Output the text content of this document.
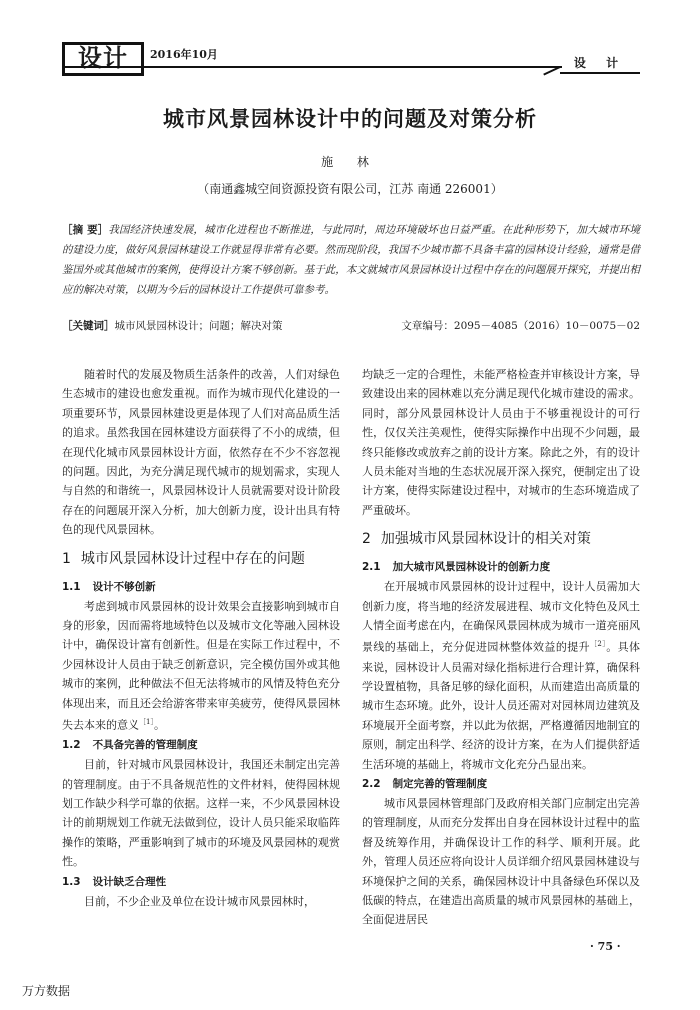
设计	2016年10月
设 计
城市风景园林设计中的问题及对策分析
施 林
（南通鑫城空间资源投资有限公司，江苏 南通 226001）
［摘 要］我国经济快速发展，城市化进程也不断推进，与此同时，周边环境破坏也日益严重。在此种形势下，加大城市环境的建设力度，做好风景园林建设工作就显得非常有必要。然而现阶段，我国不少城市都不具备丰富的园林设计经验，通常是借鉴国外或其他城市的案例，使得设计方案不够创新。基于此，本文就城市风景园林设计过程中存在的问题展开探究，并提出相应的解决对策，以期为今后的园林设计工作提供可靠参考。
［关键词］城市风景园林设计；问题；解决对策	文章编号：2095－4085（2016）10－0075－02

随着时代的发展及物质生活条件的改善，人们对绿色生态城市的建设也愈发重视。而作为城市现代化建设的一项重要环节，风景园林建设更是体现了人们对高品质生活的追求。虽然我国在园林建设方面获得了不小的成绩，但在现代化城市风景园林设计方面，依然存在不少不容忽视的问题。因此，为充分满足现代城市的规划需求，实现人与自然的和谐统一，风景园林设计人员就需要对设计阶段存在的问题展开深入分析，加大创新力度，设计出具有特色的现代风景园林。

1 城市风景园林设计过程中存在的问题
1.1 设计不够创新

考虑到城市风景园林的设计效果会直接影响到城市自身的形象，因而需将地域特色以及城市文化等融入园林设计中，确保设计富有创新性。但是在实际工作过程中，不少园林设计人员由于缺乏创新意识，完全模仿国外或其他城市的案例，此种做法不但无法将城市的风情及特色充分体现出来，而且还会给游客带来审美疲劳，使得风景园林失去本来的意义$^{[1]}$。

1.2 不具备完善的管理制度

目前，针对城市风景园林设计，我国还未制定出完善的管理制度。由于不具备规范性的文件材料，使得园林规划工作缺少科学可靠的依据。这样一来，不少风景园林设计的前期规划工作就无法做到位，设计人员只能采取临阵操作的策略，严重影响到了城市的环境及风景园林的观赏性。

1.3 设计缺乏合理性

目前，不少企业及单位在设计城市风景园林时，

均缺乏一定的合理性，未能严格检查并审核设计方案，导致建设出来的园林难以充分满足现代化城市建设的需求。同时，部分风景园林设计人员由于不够重视设计的可行性，仅仅关注美观性，使得实际操作中出现不少问题，最终只能修改或放弃之前的设计方案。除此之外，有的设计人员未能对当地的生态状况展开深入探究，便制定出了设计方案，使得实际建设过程中，对城市的生态环境造成了严重破坏。

2 加强城市风景园林设计的相关对策
2.1 加大城市风景园林设计的创新力度

在开展城市风景园林的设计过程中，设计人员需加大创新力度，将当地的经济发展进程、城市文化特色及风土人情全面考虑在内，在确保风景园林成为城市一道亮丽风景线的基础上，充分促进园林整体效益的提升$^{[2]}$。具体来说，园林设计人员需对绿化指标进行合理计算，确保科学设置植物，具备足够的绿化面积，从而建造出高质量的城市生态环境。此外，设计人员还需对对园林周边建筑及环境展开全面考察，并以此为依据，严格遵循因地制宜的原则，制定出科学、经济的设计方案，在为人们提供舒适生活环境的基础上，将城市文化充分凸显出来。

2.2 制定完善的管理制度

城市风景园林管理部门及政府相关部门应制定出完善的管理制度，从而充分发挥出自身在园林设计过程中的监督及统筹作用，并确保设计工作的科学、顺利开展。此外，管理人员还应将向设计人员详细介绍风景园林建设与环境保护之间的关系，确保园林设计中具备绿色环保以及低碳的特点，在建造出高质量的城市风景园林的基础上，全面促进居民

· 75 ·
万方数据
